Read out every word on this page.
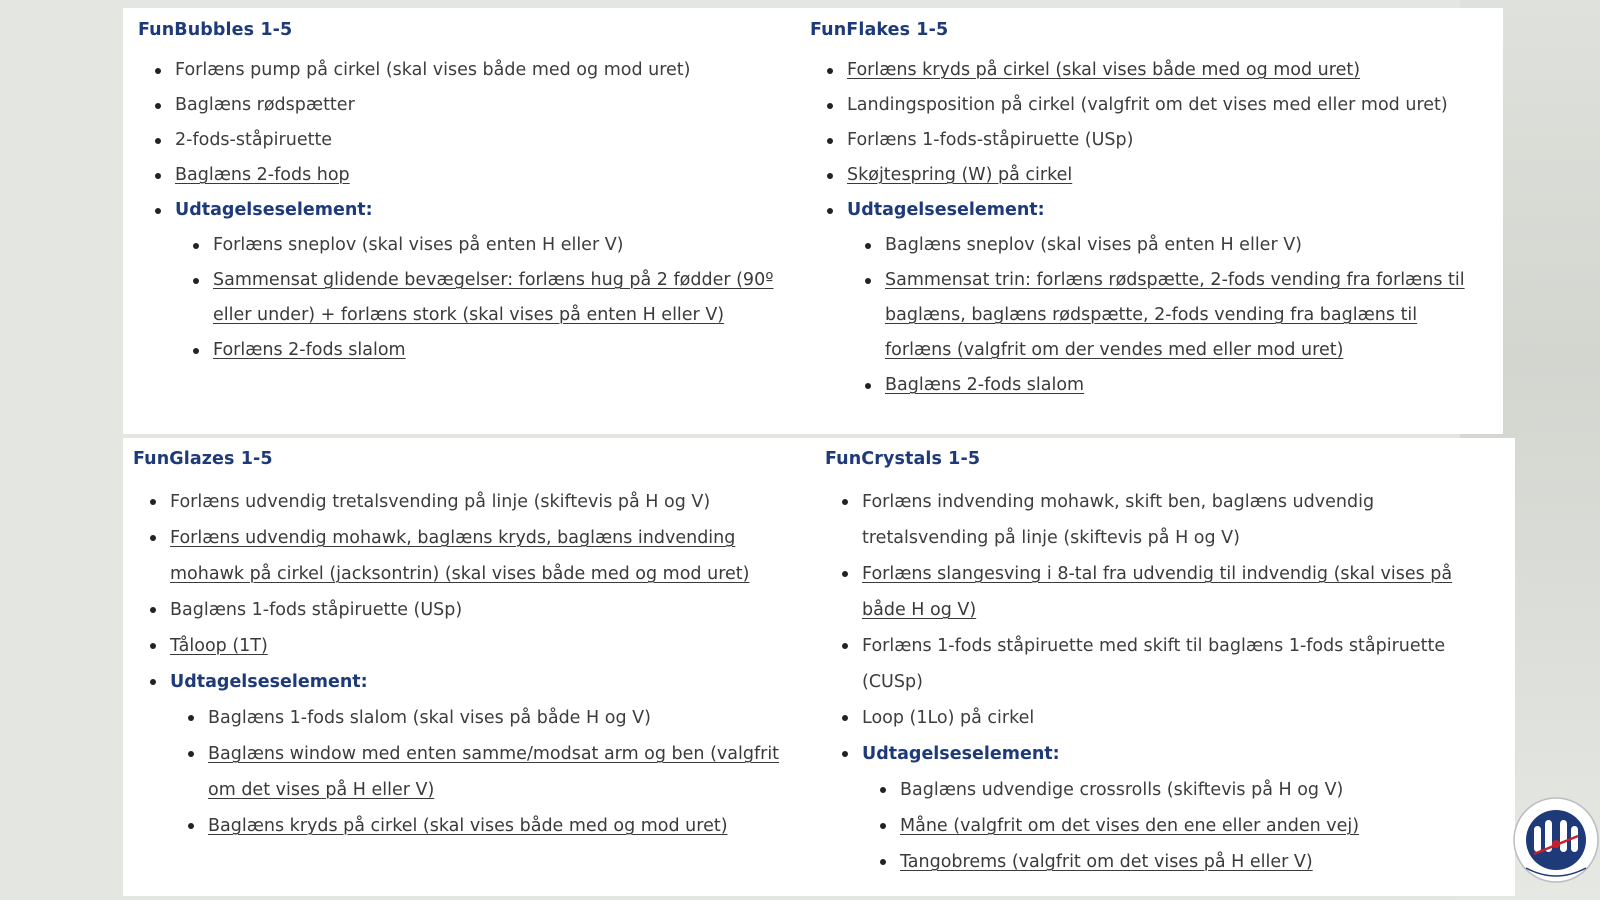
FunBubbles 1-5
Forlæns pump på cirkel (skal vises både med og mod uret)
Baglæns rødspætter
2-fods-ståpiruette
Baglæns 2-fods hop
Udtagelseselement:
Forlæns sneplov (skal vises på enten H eller V)
Sammensat glidende bevægelser: forlæns hug på 2 fødder (90º eller under) + forlæns stork (skal vises på enten H eller V)
Forlæns 2-fods slalom
FunFlakes 1-5
Forlæns kryds på cirkel (skal vises både med og mod uret)
Landingsposition på cirkel (valgfrit om det vises med eller mod uret)
Forlæns 1-fods-ståpiruette (USp)
Skøjtespring (W) på cirkel
Udtagelseselement:
Baglæns sneplov (skal vises på enten H eller V)
Sammensat trin: forlæns rødspætte, 2-fods vending fra forlæns til baglæns, baglæns rødspætte, 2-fods vending fra baglæns til forlæns (valgfrit om der vendes med eller mod uret)
Baglæns 2-fods slalom
FunGlazes 1-5
Forlæns udvendig tretalsvending på linje (skiftevis på H og V)
Forlæns udvendig mohawk, baglæns kryds, baglæns indvending mohawk på cirkel (jacksontrin) (skal vises både med og mod uret)
Baglæns 1-fods ståpiruette (USp)
Tåloop (1T)
Udtagelseselement:
Baglæns 1-fods slalom (skal vises på både H og V)
Baglæns window med enten samme/modsat arm og ben (valgfrit om det vises på H eller V)
Baglæns kryds på cirkel (skal vises både med og mod uret)
FunCrystals 1-5
Forlæns indvending mohawk, skift ben, baglæns udvendig tretalsvending på linje (skiftevis på H og V)
Forlæns slangesving i 8-tal fra udvendig til indvendig (skal vises på både H og V)
Forlæns 1-fods ståpiruette med skift til baglæns 1-fods ståpiruette (CUSp)
Loop (1Lo) på cirkel
Udtagelseselement:
Baglæns udvendige crossrolls (skiftevis på H og V)
Måne (valgfrit om det vises den ene eller anden vej)
Tangobrems (valgfrit om det vises på H eller V)
